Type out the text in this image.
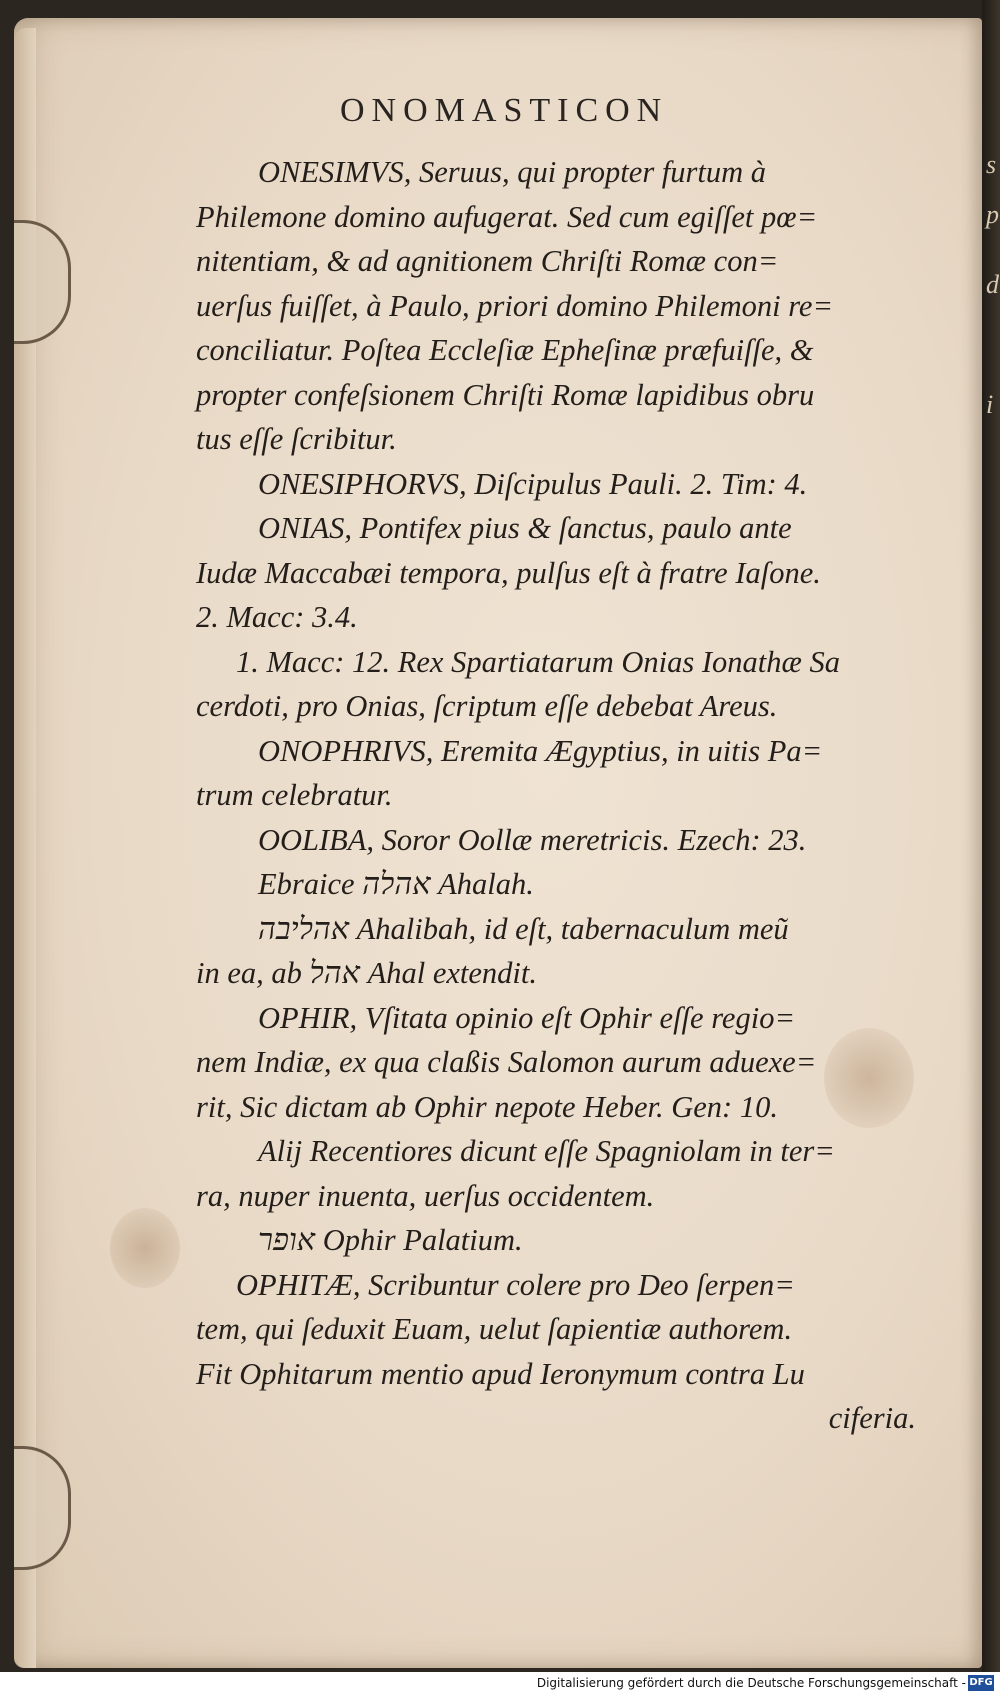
s
p
d
i
ONOMASTICON
ONESIMVS, Seruus, qui propter furtum à
Philemone domino aufugerat. Sed cum egiſſet pœ=
nitentiam, & ad agnitionem Chriſti Romæ con=
uerſus fuiſſet, à Paulo, priori domino Philemoni re=
conciliatur. Poſtea Eccleſiæ Epheſinæ præfuiſſe, &
propter confeſsionem Chriſti Romæ lapidibus obru
tus eſſe ſcribitur.
ONESIPHORVS, Diſcipulus Pauli. 2. Tim: 4.
ONIAS, Pontifex pius & ſanctus, paulo ante
Iudæ Maccabæi tempora, pulſus eſt à fratre Iaſone.
2. Macc: 3.4.
1. Macc: 12. Rex Spartiatarum Onias Ionathæ Sa
cerdoti, pro Onias, ſcriptum eſſe debebat Areus.
ONOPHRIVS, Eremita Ægyptius, in uitis Pa=
trum celebratur.
OOLIBA, Soror Oollæ meretricis. Ezech: 23.
Ebraice אהלה Ahalah.
אהליבה Ahalibah, id eſt, tabernaculum meũ
in ea, ab אהל Ahal extendit.
OPHIR, Vſitata opinio eſt Ophir eſſe regio=
nem Indiæ, ex qua claßis Salomon aurum aduexe=
rit, Sic dictam ab Ophir nepote Heber. Gen: 10.
Alij Recentiores dicunt eſſe Spagniolam in ter=
ra, nuper inuenta, uerſus occidentem.
אופר Ophir Palatium.
OPHITÆ, Scribuntur colere pro Deo ſerpen=
tem, qui ſeduxit Euam, uelut ſapientiæ authorem.
Fit Ophitarum mentio apud Ieronymum contra Lu
ciferia.
Digitalisierung gefördert durch die Deutsche Forschungsgemeinschaft - DFG
